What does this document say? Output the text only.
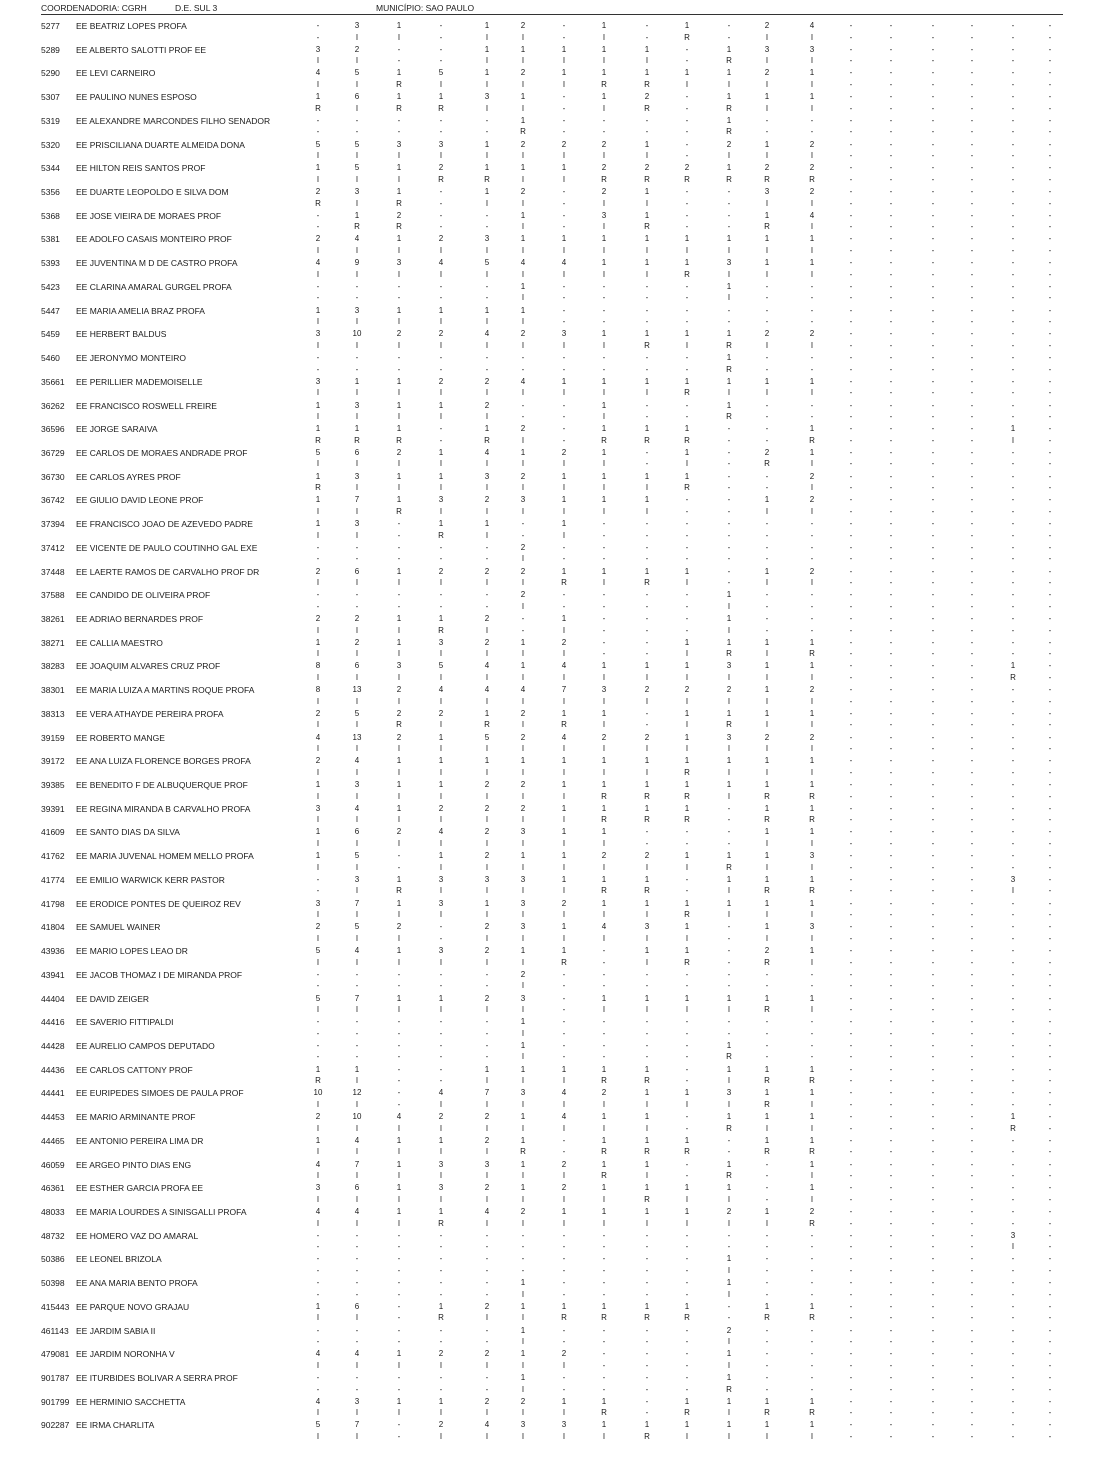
COORDENADORIA: CGRH	D.E. SUL 3	MUNICÍPIO: SAO PAULO
5277 EE BEATRIZ LOPES PROFA	-	3	1	-	1	2	-	1	-	1	-	2	4	-	-	-	-	-	-
-	I	I	-	I	I	-	I	-	R	-	I	I	-	-	-	-	-	-
5289 EE ALBERTO SALOTTI PROF EE	3	2	-	-	1	1	1	1	1	-	1	3	3	-	-	-	-	-	-
I	I	-	-	I	I	I	I	I	-	R	I	I	-	-	-	-	-	-
5290 EE LEVI CARNEIRO	4	5	1	5	1	2	1	1	1	1	1	2	1	-	-	-	-	-	-
I	I	R	I	I	I	I	R	R	I	I	I	I	-	-	-	-	-	-
5307 EE PAULINO NUNES ESPOSO	1	6	1	1	3	1	-	1	2	-	1	1	1	-	-	-	-	-	-
R	I	R	R	I	I	-	I	R	-	R	I	I	-	-	-	-	-	-
5319 EE ALEXANDRE MARCONDES FILHO SENADOR	-	-	-	-	-	1	-	-	-	-	1	-	-	-	-	-	-	-	-
-	-	-	-	-	R	-	-	-	-	R	-	-	-	-	-	-	-	-
5320 EE PRISCILIANA DUARTE ALMEIDA DONA	5	5	3	3	1	2	2	2	1	-	2	1	2	-	-	-	-	-	-
I	I	I	I	I	I	I	I	I	-	I	I	I	-	-	-	-	-	-
5344 EE HILTON REIS SANTOS PROF	1	5	1	2	1	1	1	2	2	2	1	2	2	-	-	-	-	-	-
I	I	I	R	R	I	I	R	R	R	R	R	R	-	-	-	-	-	-
5356 EE DUARTE LEOPOLDO E SILVA DOM	2	3	1	-	1	2	-	2	1	-	-	3	2	-	-	-	-	-	-
R	I	R	-	I	I	-	I	I	-	-	I	I	-	-	-	-	-	-
5368 EE JOSE VIEIRA DE MORAES PROF	-	1	2	-	-	1	-	3	1	-	-	1	4	-	-	-	-	-	-
-	R	R	-	-	I	-	I	R	-	-	R	I	-	-	-	-	-	-
5381 EE ADOLFO CASAIS MONTEIRO PROF	2	4	1	2	3	1	1	1	1	1	1	1	1	-	-	-	-	-	-
I	I	I	I	I	I	I	I	I	I	I	I	I	-	-	-	-	-	-
5393 EE JUVENTINA M D DE CASTRO PROFA	4	9	3	4	5	4	4	1	1	1	3	1	1	-	-	-	-	-	-
I	I	I	I	I	I	I	I	I	R	I	I	I	-	-	-	-	-	-
5423 EE CLARINA AMARAL GURGEL PROFA	-	-	-	-	-	1	-	-	-	-	1	-	-	-	-	-	-	-	-
-	-	-	-	-	I	-	-	-	-	I	-	-	-	-	-	-	-	-
5447 EE MARIA AMELIA BRAZ PROFA	1	3	1	1	1	1	-	-	-	-	-	-	-	-	-	-	-	-	-
I	I	I	I	I	I	-	-	-	-	-	-	-	-	-	-	-	-	-
5459 EE HERBERT BALDUS	3	10	2	2	4	2	3	1	1	1	1	2	2	-	-	-	-	-	-
I	I	I	I	I	I	I	I	R	I	R	I	I	-	-	-	-	-	-
5460 EE JERONYMO MONTEIRO	-	-	-	-	-	-	-	-	-	-	1	-	-	-	-	-	-	-	-
-	-	-	-	-	-	-	-	-	-	R	-	-	-	-	-	-	-	-
35661 EE PERILLIER MADEMOISELLE	3	1	1	2	2	4	1	1	1	1	1	1	1	-	-	-	-	-	-
I	I	I	I	I	I	I	I	I	R	I	I	I	-	-	-	-	-	-
36262 EE FRANCISCO ROSWELL FREIRE	1	3	1	1	2	-	-	1	-	-	1	-	-	-	-	-	-	-	-
I	I	I	I	I	-	-	I	-	-	R	-	-	-	-	-	-	-	-
36596 EE JORGE SARAIVA	1	1	1	-	1	2	-	1	1	1	-	-	1	-	-	-	-	1	-
R	R	R	-	R	I	-	R	R	R	-	-	R	-	-	-	-	I	-
36729 EE CARLOS DE MORAES ANDRADE PROF	5	6	2	1	4	1	2	1	-	1	-	2	1	-	-	-	-	-	-
I	I	I	I	I	I	I	I	-	I	-	R	I	-	-	-	-	-	-
36730 EE CARLOS AYRES PROF	1	3	1	1	3	2	1	1	1	1	-	-	2	-	-	-	-	-	-
R	I	I	I	I	I	I	I	I	R	-	-	I	-	-	-	-	-	-
36742 EE GIULIO DAVID LEONE PROF	1	7	1	3	2	3	1	1	1	-	-	1	2	-	-	-	-	-	-
I	I	R	I	I	I	I	I	I	-	-	I	I	-	-	-	-	-	-
37394 EE FRANCISCO JOAO DE AZEVEDO PADRE	1	3	-	1	1	-	1	-	-	-	-	-	-	-	-	-	-	-	-
I	I	-	R	I	-	I	-	-	-	-	-	-	-	-	-	-	-	-
37412 EE VICENTE DE PAULO COUTINHO GAL EXE	-	-	-	-	-	2	-	-	-	-	-	-	-	-	-	-	-	-	-
-	-	-	-	-	I	-	-	-	-	-	-	-	-	-	-	-	-	-
37448 EE LAERTE RAMOS DE CARVALHO PROF DR	2	6	1	2	2	2	1	1	1	1	-	1	2	-	-	-	-	-	-
I	I	I	I	I	I	R	I	R	I	-	I	I	-	-	-	-	-	-
37588 EE CANDIDO DE OLIVEIRA PROF	-	-	-	-	-	2	-	-	-	-	1	-	-	-	-	-	-	-	-
-	-	-	-	-	I	-	-	-	-	I	-	-	-	-	-	-	-	-
38261 EE ADRIAO BERNARDES PROF	2	2	1	1	2	-	1	-	-	-	1	-	-	-	-	-	-	-	-
I	I	I	R	I	-	I	-	-	-	I	-	-	-	-	-	-	-	-
38271 EE CALLIA MAESTRO	1	2	1	3	2	1	2	-	-	1	1	1	1	-	-	-	-	-	-
I	I	I	I	I	I	I	-	-	I	R	I	R	-	-	-	-	-	-
38283 EE JOAQUIM ALVARES CRUZ PROF	8	6	3	5	4	1	4	1	1	1	3	1	1	-	-	-	-	1	-
I	I	I	I	I	I	I	I	I	I	I	I	I	-	-	-	-	R	-
38301 EE MARIA LUIZA A MARTINS ROQUE PROFA	8	13	2	4	4	4	7	3	2	2	2	1	2	-	-	-	-	-	-
I	I	I	I	I	I	I	I	I	I	I	I	I	-	-	-	-	-	-
38313 EE VERA ATHAYDE PEREIRA PROFA	2	5	2	2	1	2	1	1	-	1	1	1	1	-	-	-	-	-	-
I	I	R	I	R	I	R	I	-	I	R	I	I	-	-	-	-	-	-
39159 EE ROBERTO MANGE	4	13	2	1	5	2	4	2	2	1	3	2	2	-	-	-	-	-	-
I	I	I	I	I	I	I	I	I	I	I	I	I	-	-	-	-	-	-
39172 EE ANA LUIZA FLORENCE BORGES PROFA	2	4	1	1	1	1	1	1	1	1	1	1	1	-	-	-	-	-	-
I	I	I	I	I	I	I	I	I	R	I	I	I	-	-	-	-	-	-
39385 EE BENEDITO F DE ALBUQUERQUE PROF	1	3	1	1	2	2	1	1	1	1	1	1	1	-	-	-	-	-	-
I	I	I	I	I	I	I	R	R	R	I	R	R	-	-	-	-	-	-
39391 EE REGINA MIRANDA B CARVALHO PROFA	3	4	1	2	2	2	1	1	1	1	-	1	1	-	-	-	-	-	-
I	I	I	I	I	I	I	R	R	R	-	R	R	-	-	-	-	-	-
41609 EE SANTO DIAS DA SILVA	1	6	2	4	2	3	1	1	-	-	-	1	1	-	-	-	-	-	-
I	I	I	I	I	I	I	I	-	-	-	I	I	-	-	-	-	-	-
41762 EE MARIA JUVENAL HOMEM MELLO PROFA	1	5	-	1	2	1	1	2	2	1	1	1	3	-	-	-	-	-	-
I	I	-	I	I	I	I	I	I	I	R	I	I	-	-	-	-	-	-
41774 EE EMILIO WARWICK KERR PASTOR	-	3	1	3	3	3	1	1	1	-	1	1	1	-	-	-	-	3	-
-	I	R	I	I	I	I	R	R	-	I	R	R	-	-	-	-	I	-
41798 EE ERODICE PONTES DE QUEIROZ REV	3	7	1	3	1	3	2	1	1	1	1	1	1	-	-	-	-	-	-
I	I	I	I	I	I	I	I	I	R	I	I	I	-	-	-	-	-	-
41804 EE SAMUEL WAINER	2	5	2	-	2	3	1	4	3	1	-	1	3	-	-	-	-	-	-
I	I	I	-	I	I	I	I	I	I	-	I	I	-	-	-	-	-	-
43936 EE MARIO LOPES LEAO DR	5	4	1	3	2	1	1	-	1	1	-	2	1	-	-	-	-	-	-
I	I	I	I	I	I	R	-	I	R	-	R	I	-	-	-	-	-	-
43941 EE JACOB THOMAZ I DE MIRANDA PROF	-	-	-	-	-	2	-	-	-	-	-	-	-	-	-	-	-	-	-
-	-	-	-	-	I	-	-	-	-	-	-	-	-	-	-	-	-	-
44404 EE DAVID ZEIGER	5	7	1	1	2	3	-	1	1	1	1	1	1	-	-	-	-	-	-
I	I	I	I	I	I	-	I	I	I	I	R	I	-	-	-	-	-	-
44416 EE SAVERIO FITTIPALDI	-	-	-	-	-	1	-	-	-	-	-	-	-	-	-	-	-	-	-
-	-	-	-	-	I	-	-	-	-	-	-	-	-	-	-	-	-	-
44428 EE AURELIO CAMPOS DEPUTADO	-	-	-	-	-	1	-	-	-	-	1	-	-	-	-	-	-	-	-
-	-	-	-	-	I	-	-	-	-	R	-	-	-	-	-	-	-	-
44436 EE CARLOS CATTONY PROF	1	1	-	-	1	1	1	1	1	-	1	1	1	-	-	-	-	-	-
R	I	-	-	I	I	I	R	R	-	I	R	R	-	-	-	-	-	-
44441 EE EURIPEDES SIMOES DE PAULA PROF	10	12	-	4	7	3	4	2	1	1	3	1	1	-	-	-	-	-	-
I	I	-	I	I	I	I	I	I	I	I	R	I	-	-	-	-	-	-
44453 EE MARIO ARMINANTE PROF	2	10	4	2	2	1	4	1	1	-	1	1	1	-	-	-	-	1	-
I	I	I	I	I	I	I	I	I	-	R	I	I	-	-	-	-	R	-
44465 EE ANTONIO PEREIRA LIMA DR	1	4	1	1	2	1	-	1	1	1	-	1	1	-	-	-	-	-	-
I	I	I	I	I	R	-	R	R	R	-	R	R	-	-	-	-	-	-
46059 EE ARGEO PINTO DIAS ENG	4	7	1	3	3	1	2	1	1	-	1	-	1	-	-	-	-	-	-
I	I	I	I	I	I	I	R	I	-	R	-	I	-	-	-	-	-	-
46361 EE ESTHER GARCIA PROFA EE	3	6	1	3	2	1	2	1	1	1	1	-	1	-	-	-	-	-	-
I	I	I	I	I	I	I	I	R	I	I	-	I	-	-	-	-	-	-
48033 EE MARIA LOURDES A SINISGALLI PROFA	4	4	1	1	4	2	1	1	1	1	2	1	2	-	-	-	-	-	-
I	I	I	R	I	I	I	I	I	I	I	I	R	-	-	-	-	-	-
48732 EE HOMERO VAZ DO AMARAL	-	-	-	-	-	-	-	-	-	-	-	-	-	-	-	-	-	3	-
-	-	-	-	-	-	-	-	-	-	-	-	-	-	-	-	-	I	-
50386 EE LEONEL BRIZOLA	-	-	-	-	-	-	-	-	-	-	1	-	-	-	-	-	-	-	-
-	-	-	-	-	-	-	-	-	-	I	-	-	-	-	-	-	-	-
50398 EE ANA MARIA BENTO PROFA	-	-	-	-	-	1	-	-	-	-	1	-	-	-	-	-	-	-	-
-	-	-	-	-	I	-	-	-	-	I	-	-	-	-	-	-	-	-
415443 EE PARQUE NOVO GRAJAU	1	6	-	1	2	1	1	1	1	1	-	1	1	-	-	-	-	-	-
I	I	-	R	I	I	R	R	R	R	-	R	R	-	-	-	-	-	-
461143 EE JARDIM SABIA II	-	-	-	-	-	1	-	-	-	-	2	-	-	-	-	-	-	-	-
-	-	-	-	-	I	-	-	-	-	I	-	-	-	-	-	-	-	-
479081 EE JARDIM NORONHA V	4	4	1	2	2	1	2	-	-	-	1	-	-	-	-	-	-	-	-
I	I	I	I	I	I	I	-	-	-	I	-	-	-	-	-	-	-	-
901787 EE ITURBIDES BOLIVAR A SERRA PROF	-	-	-	-	-	1	-	-	-	-	1	-	-	-	-	-	-	-	-
-	-	-	-	-	I	-	-	-	-	R	-	-	-	-	-	-	-	-
901799 EE HERMINIO SACCHETTA	4	3	1	1	2	2	1	1	-	1	1	1	1	-	-	-	-	-	-
I	I	I	I	I	I	I	R	-	R	I	R	R	-	-	-	-	-	-
902287 EE IRMA CHARLITA	5	7	-	2	4	3	3	1	1	1	1	1	1	-	-	-	-	-	-
I	I	-	I	I	I	I	I	R	I	I	I	I	-	-	-	-	-	-
